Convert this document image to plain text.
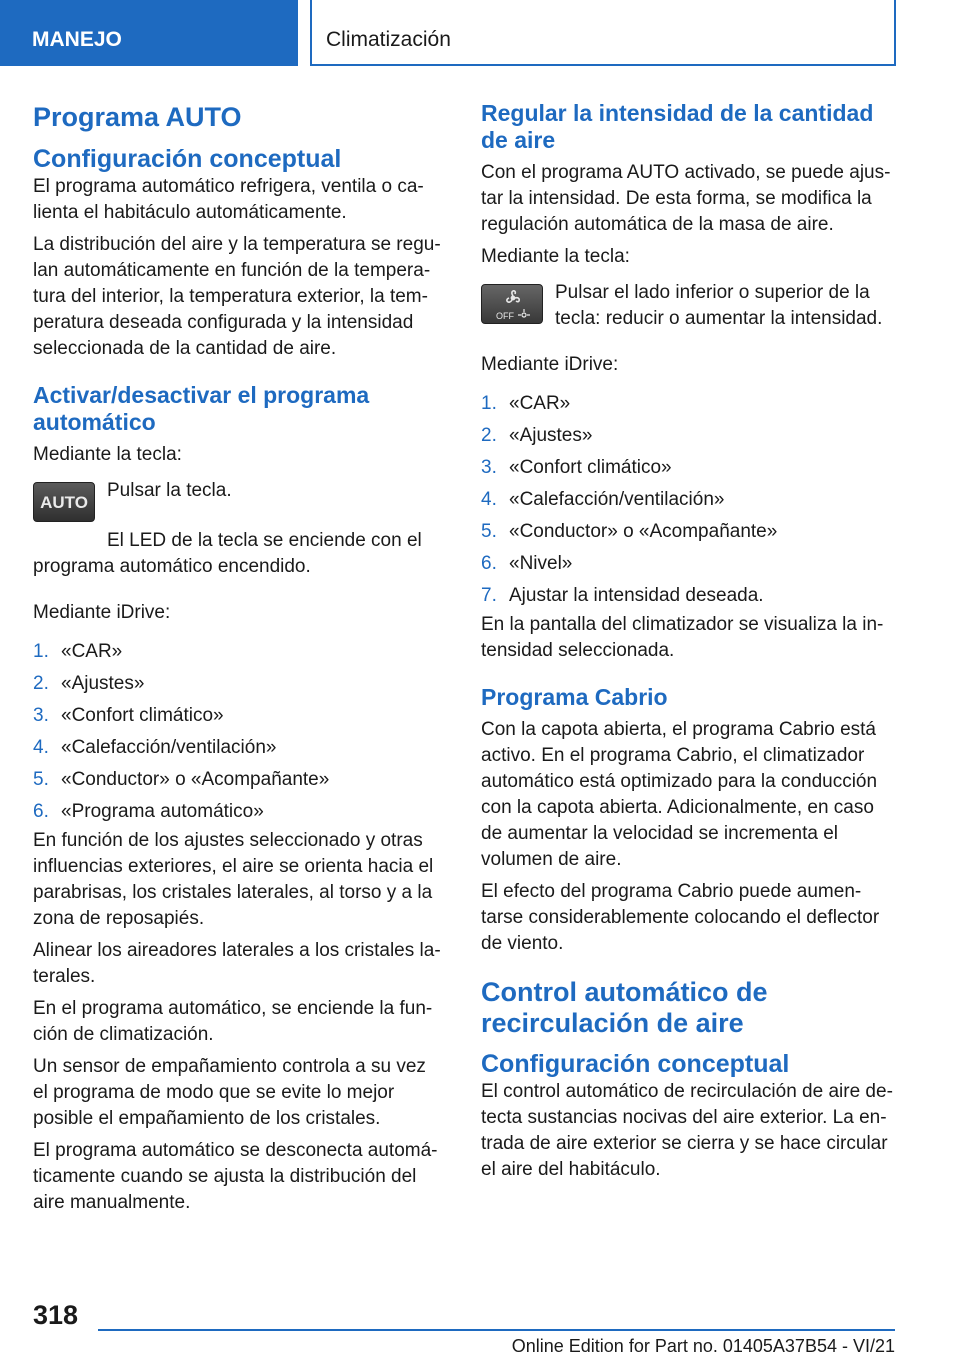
MANEJO	Climatización
Programa AUTO
Configuración conceptual

El programa automático refrigera, ventila o calienta el habitáculo automáticamente.

La distribución del aire y la temperatura se regulan automáticamente en función de la temperatura del interior, la temperatura exterior, la temperatura deseada configurada y la intensidad seleccionada de la cantidad de aire.

Activar/desactivar el programa automático

Mediante la tecla:

AUTO

Pulsar la tecla.

El LED de la tecla se enciende con el programa automático encendido.

Mediante iDrive:

1. «CAR»
2. «Ajustes»
3. «Confort climático»
4. «Calefacción/ventilación»
5. «Conductor» o «Acompañante»
6. «Programa automático»

En función de los ajustes seleccionado y otras influencias exteriores, el aire se orienta hacia el parabrisas, los cristales laterales, al torso y a la zona de reposapiés.

Alinear los aireadores laterales a los cristales laterales.

En el programa automático, se enciende la función de climatización.

Un sensor de empañamiento controla a su vez el programa de modo que se evite lo mejor posible el empañamiento de los cristales.

El programa automático se desconecta automáticamente cuando se ajusta la distribución del aire manualmente.

Regular la intensidad de la cantidad de aire

Con el programa AUTO activado, se puede ajustar la intensidad. De esta forma, se modifica la regulación automática de la masa de aire.

Mediante la tecla:

OFF

Pulsar el lado inferior o superior de la tecla: reducir o aumentar la intensidad.

Mediante iDrive:

1. «CAR»
2. «Ajustes»
3. «Confort climático»
4. «Calefacción/ventilación»
5. «Conductor» o «Acompañante»
6. «Nivel»
7. Ajustar la intensidad deseada.

En la pantalla del climatizador se visualiza la intensidad seleccionada.

Programa Cabrio

Con la capota abierta, el programa Cabrio está activo. En el programa Cabrio, el climatizador automático está optimizado para la conducción con la capota abierta. Adicionalmente, en caso de aumentar la velocidad se incrementa el volumen de aire.

El efecto del programa Cabrio puede aumentarse considerablemente colocando el deflector de viento.

Control automático de recirculación de aire
Configuración conceptual

El control automático de recirculación de aire detecta sustancias nocivas del aire exterior. La entrada de aire exterior se cierra y se hace circular el aire del habitáculo.

318
Online Edition for Part no. 01405A37B54 - VI/21
